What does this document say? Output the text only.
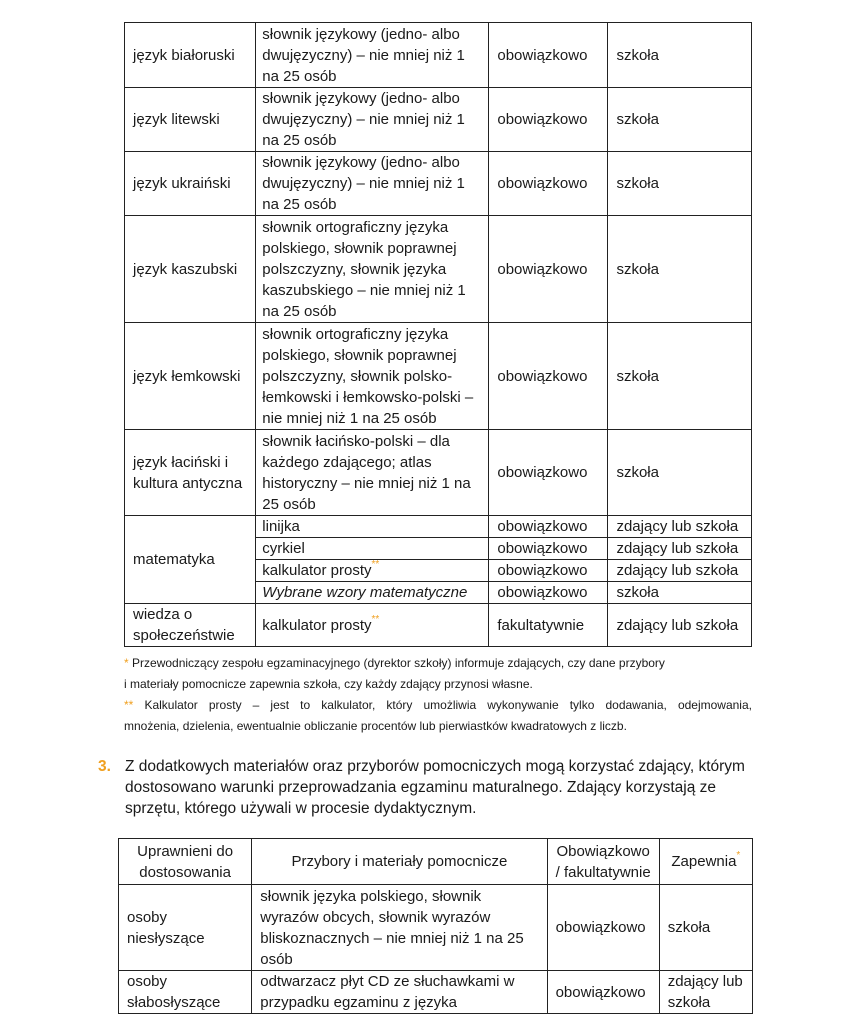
język białoruski	słownik językowy (jedno- albo dwujęzyczny) – nie mniej niż 1 na 25 osób	obowiązkowo	szkoła
język litewski	słownik językowy (jedno- albo dwujęzyczny) – nie mniej niż 1 na 25 osób	obowiązkowo	szkoła
język ukraiński	słownik językowy (jedno- albo dwujęzyczny) – nie mniej niż 1 na 25 osób	obowiązkowo	szkoła
język kaszubski	słownik ortograficzny języka polskiego, słownik poprawnej polszczyzny, słownik języka kaszubskiego – nie mniej niż 1 na 25 osób	obowiązkowo	szkoła
język łemkowski	słownik ortograficzny języka polskiego, słownik poprawnej polszczyzny, słownik polsko-łemkowski i łemkowsko-polski – nie mniej niż 1 na 25 osób	obowiązkowo	szkoła
język łaciński i kultura antyczna	słownik łacińsko-polski – dla każdego zdającego; atlas historyczny – nie mniej niż 1 na 25 osób	obowiązkowo	szkoła
matematyka	linijka	obowiązkowo	zdający lub szkoła
	cyrkiel	obowiązkowo	zdający lub szkoła
	kalkulator prosty**	obowiązkowo	zdający lub szkoła
	Wybrane wzory matematyczne	obowiązkowo	szkoła
wiedza o społeczeństwie	kalkulator prosty**	fakultatywnie	zdający lub szkoła

* Przewodniczący zespołu egzaminacyjnego (dyrektor szkoły) informuje zdających, czy dane przybory

i materiały pomocnicze zapewnia szkoła, czy każdy zdający przynosi własne.

** Kalkulator prosty – jest to kalkulator, który umożliwia wykonywanie tylko dodawania, odejmowania,

mnożenia, dzielenia, ewentualnie obliczanie procentów lub pierwiastków kwadratowych z liczb.

3. Z dodatkowych materiałów oraz przyborów pomocniczych mogą korzystać zdający, którym dostosowano warunki przeprowadzania egzaminu maturalnego. Zdający korzystają ze sprzętu, którego używali w procesie dydaktycznym.
Uprawnieni do dostosowania	Przybory i materiały pomocnicze	Obowiązkowo / fakultatywnie	Zapewnia*
osoby niesłyszące	słownik języka polskiego, słownik wyrazów obcych, słownik wyrazów bliskoznacznych – nie mniej niż 1 na 25 osób	obowiązkowo	szkoła
osoby słabosłyszące	odtwarzacz płyt CD ze słuchawkami w przypadku egzaminu z języka	obowiązkowo	zdający lub szkoła
